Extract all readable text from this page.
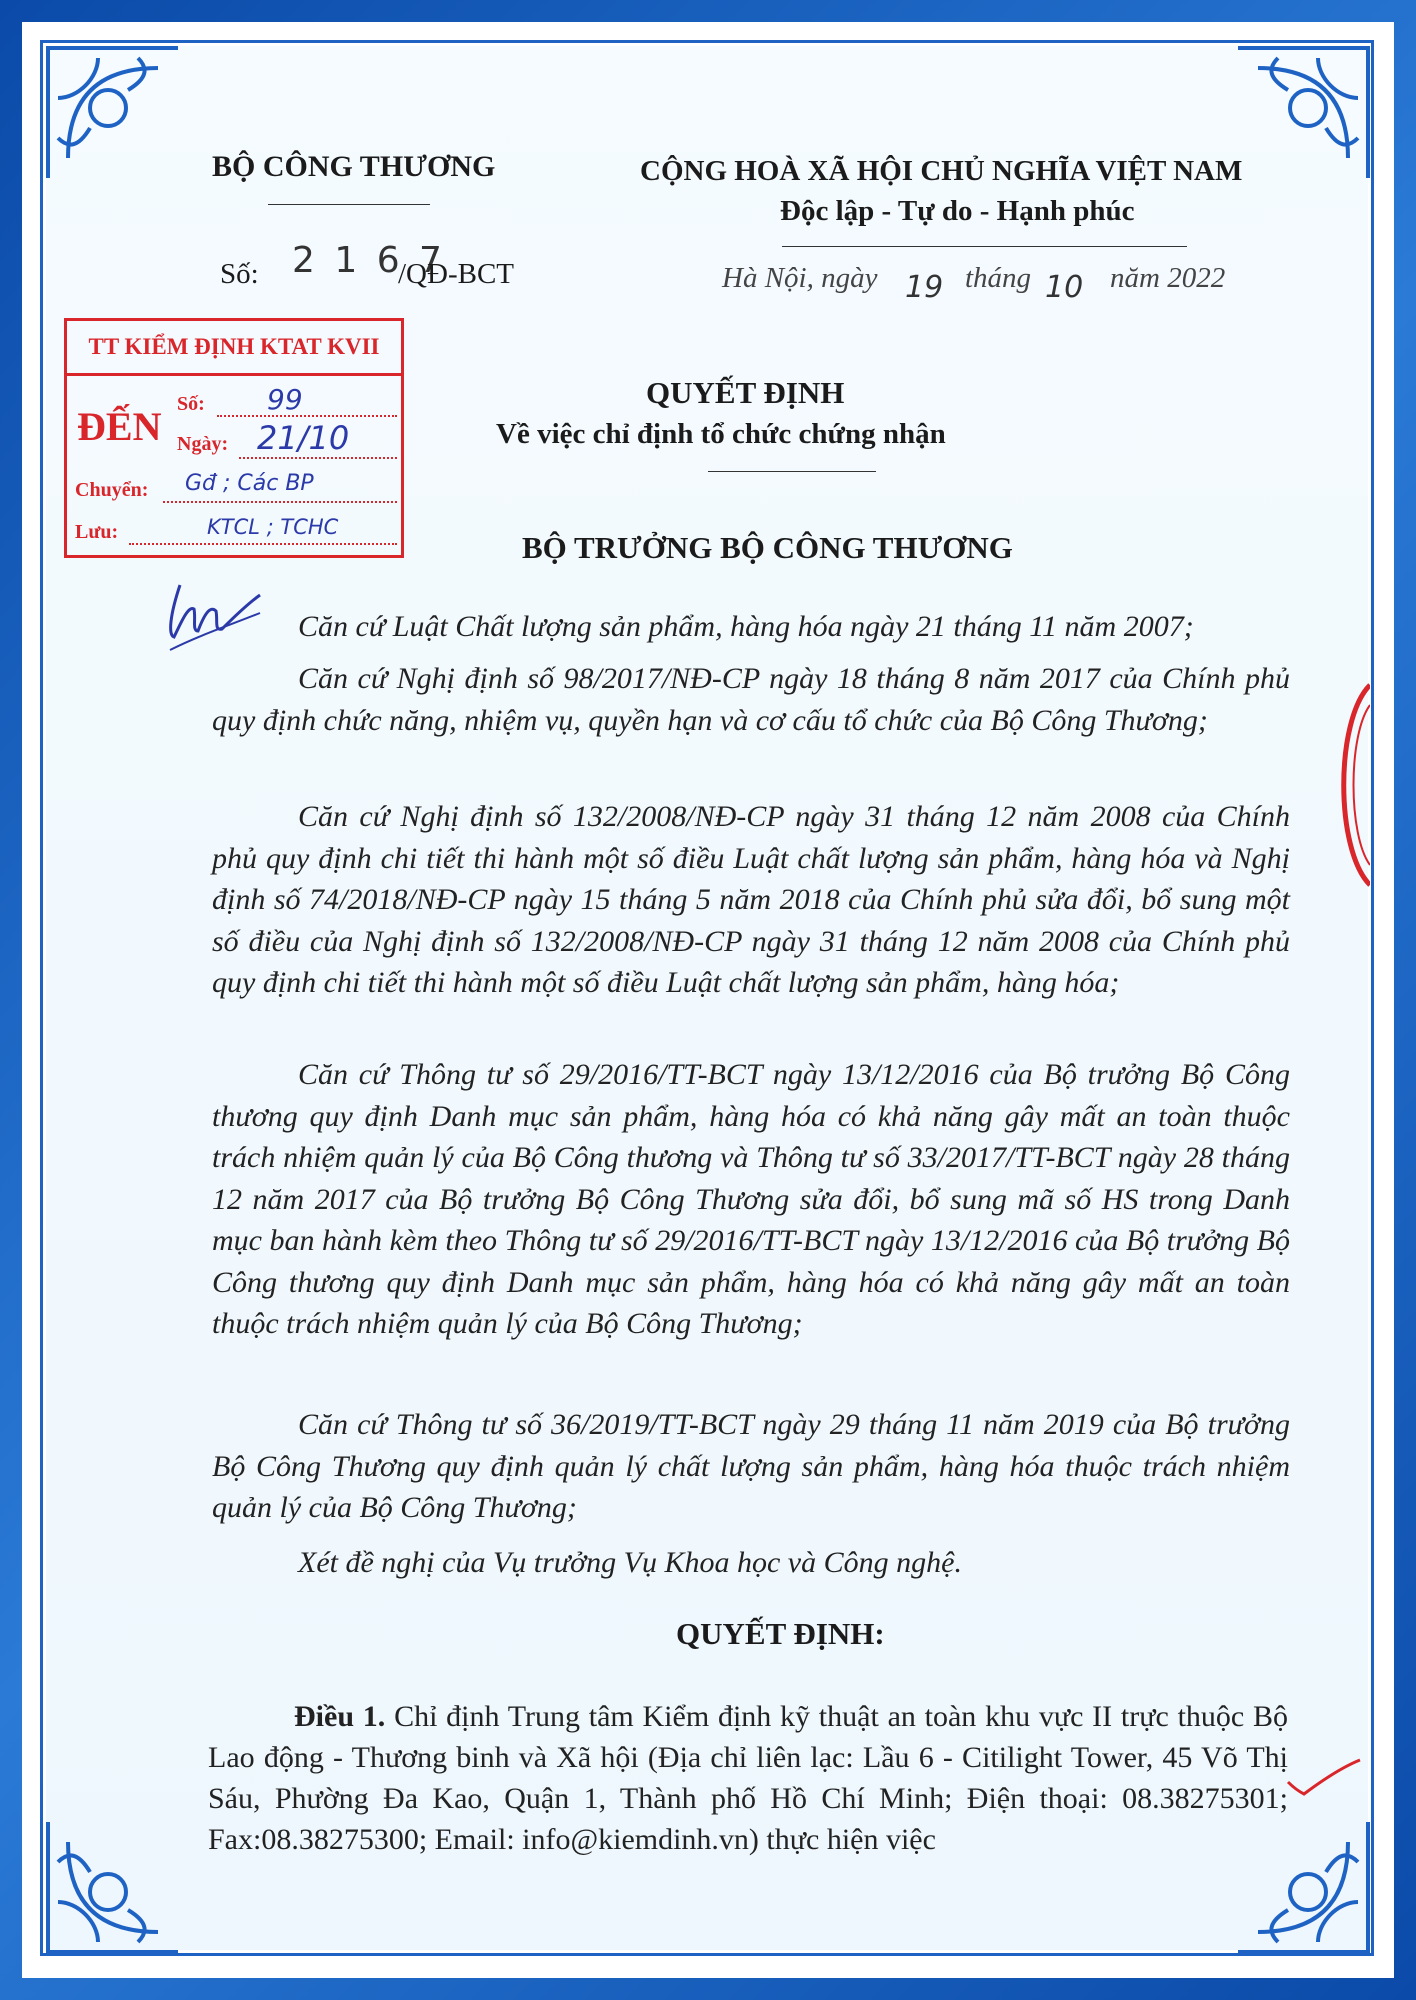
BỘ CÔNG THƯƠNG	CỘNG HOÀ XÃ HỘI CHỦ NGHĨA VIỆT NAM
Độc lập - Tự do - Hạnh phúc
Số: 2 1 6 7
/QĐ-BCT	Hà Nội, ngày 19 tháng 10 năm 2022
TT KIỂM ĐỊNH KTAT KVII
ĐẾN Số: 99
Ngày: 21/10
Chuyển: Gđ ; Các BP
Lưu:	KTCL ; TCHC
QUYẾT ĐỊNH
Về việc chỉ định tổ chức chứng nhận
BỘ TRƯỞNG BỘ CÔNG THƯƠNG
Căn cứ Luật Chất lượng sản phẩm, hàng hóa ngày 21 tháng 11 năm 2007;
Căn cứ Nghị định số 98/2017/NĐ-CP ngày 18 tháng 8 năm 2017 của Chính phủ quy định chức năng, nhiệm vụ, quyền hạn và cơ cấu tổ chức của Bộ Công Thương;
Căn cứ Nghị định số 132/2008/NĐ-CP ngày 31 tháng 12 năm 2008 của Chính phủ quy định chi tiết thi hành một số điều Luật chất lượng sản phẩm, hàng hóa và Nghị định số 74/2018/NĐ-CP ngày 15 tháng 5 năm 2018 của Chính phủ sửa đổi, bổ sung một số điều của Nghị định số 132/2008/NĐ-CP ngày 31 tháng 12 năm 2008 của Chính phủ quy định chi tiết thi hành một số điều Luật chất lượng sản phẩm, hàng hóa;
Căn cứ Thông tư số 29/2016/TT-BCT ngày 13/12/2016 của Bộ trưởng Bộ Công thương quy định Danh mục sản phẩm, hàng hóa có khả năng gây mất an toàn thuộc trách nhiệm quản lý của Bộ Công thương và Thông tư số 33/2017/TT-BCT ngày 28 tháng 12 năm 2017 của Bộ trưởng Bộ Công Thương sửa đổi, bổ sung mã số HS trong Danh mục ban hành kèm theo Thông tư số 29/2016/TT-BCT ngày 13/12/2016 của Bộ trưởng Bộ Công thương quy định Danh mục sản phẩm, hàng hóa có khả năng gây mất an toàn thuộc trách nhiệm quản lý của Bộ Công Thương;
Căn cứ Thông tư số 36/2019/TT-BCT ngày 29 tháng 11 năm 2019 của Bộ trưởng Bộ Công Thương quy định quản lý chất lượng sản phẩm, hàng hóa thuộc trách nhiệm quản lý của Bộ Công Thương;
Xét đề nghị của Vụ trưởng Vụ Khoa học và Công nghệ.
QUYẾT ĐỊNH:
Điều 1. Chỉ định Trung tâm Kiểm định kỹ thuật an toàn khu vực II trực thuộc Bộ Lao động - Thương binh và Xã hội (Địa chỉ liên lạc: Lầu 6 - Citilight Tower, 45 Võ Thị Sáu, Phường Đa Kao, Quận 1, Thành phố Hồ Chí Minh; Điện thoại: 08.38275301; Fax:08.38275300; Email: info@kiemdinh.vn) thực hiện việc
